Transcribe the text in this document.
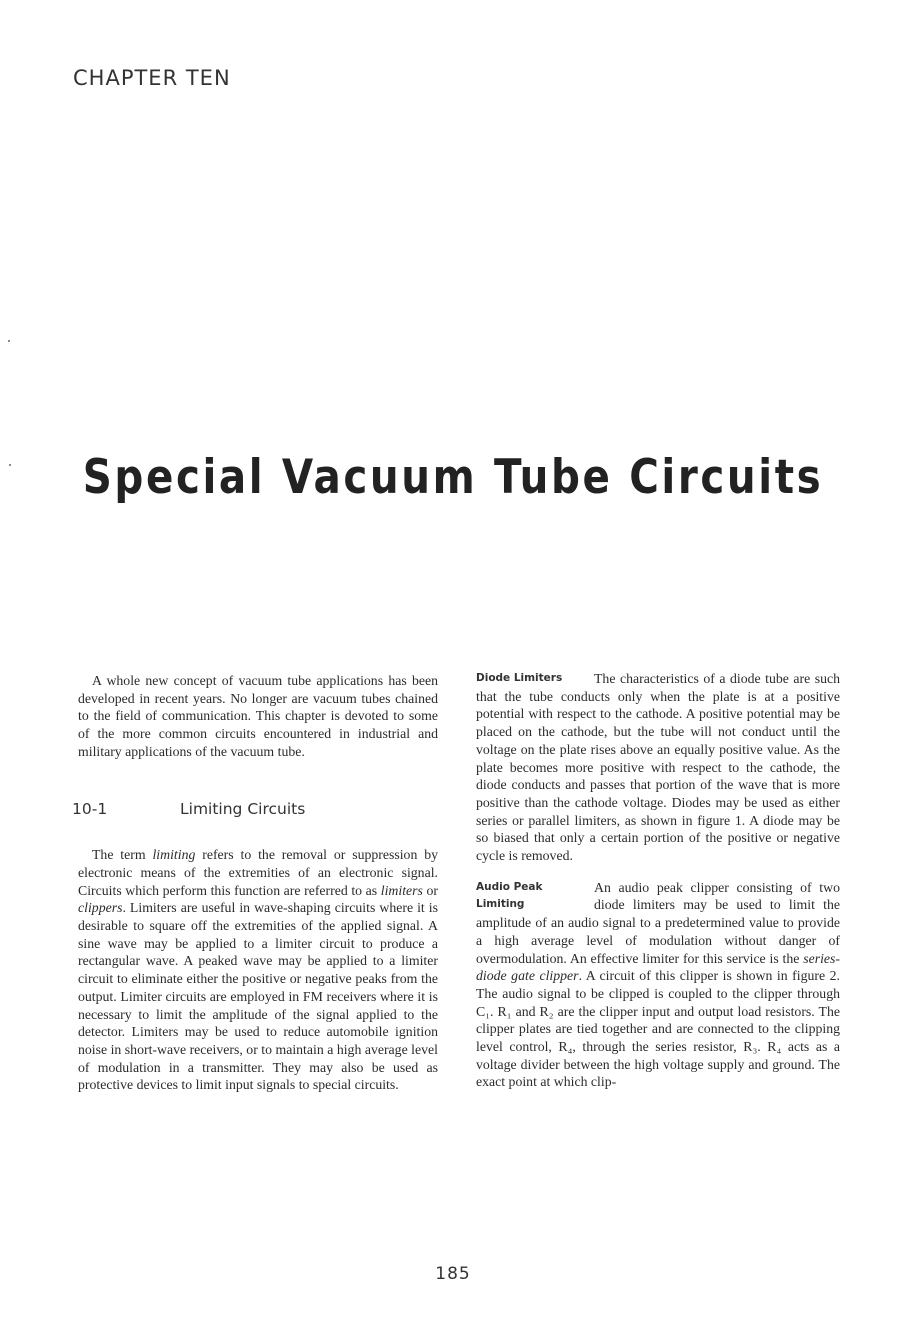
CHAPTER TEN
Special Vacuum Tube Circuits

A whole new concept of vacuum tube applications has been developed in recent years. No longer are vacuum tubes chained to the field of communication. This chapter is devoted to some of the more common circuits encountered in industrial and military applications of the vacuum tube.

10-1	Limiting Circuits

The term limiting refers to the removal or suppression by electronic means of the extremities of an electronic signal. Circuits which perform this function are referred to as limiters or clippers. Limiters are useful in wave-shaping circuits where it is desirable to square off the extremities of the applied signal. A sine wave may be applied to a limiter circuit to produce a rectangular wave. A peaked wave may be applied to a limiter circuit to eliminate either the positive or negative peaks from the output. Limiter circuits are employed in FM receivers where it is necessary to limit the amplitude of the signal applied to the detector. Limiters may be used to reduce automobile ignition noise in short-wave receivers, or to maintain a high average level of modulation in a transmitter. They may also be used as protective devices to limit input signals to special circuits.

Diode Limiters	The characteristics of a diode tube are such that the tube conducts only when the plate is at a positive potential with respect to the cathode. A positive potential may be placed on the cathode, but the tube will not conduct until the voltage on the plate rises above an equally positive value. As the plate becomes more positive with respect to the cathode, the diode conducts and passes that portion of the wave that is more positive than the cathode voltage. Diodes may be used as either series or parallel limiters, as shown in figure 1. A diode may be so biased that only a certain portion of the positive or negative cycle is removed.

Audio Peak
Limiting

An audio peak clipper consisting of two diode limiters may be used to limit the amplitude of an audio signal to a predetermined value to provide a high average level of modulation without danger of overmodulation. An effective limiter for this service is the series-diode gate clipper. A circuit of this clipper is shown in figure 2. The audio signal to be clipped is coupled to the clipper through C₁. R₁ and R₂ are the clipper input and output load resistors. The clipper plates are tied together and are connected to the clipping level control, R₄, through the series resistor, R₃. R₄ acts as a voltage divider between the high voltage supply and ground. The exact point at which clip-

185
